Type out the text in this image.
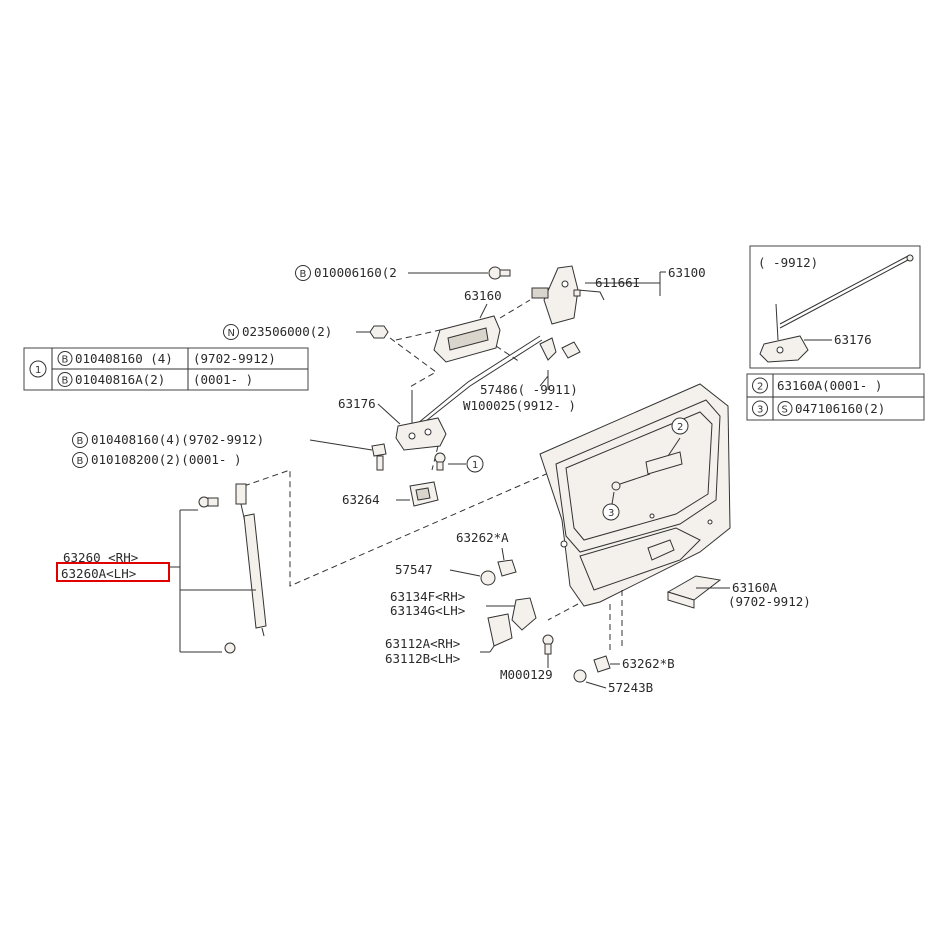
B 010006160(2
61166I
63100
63160
N 023506000(2)
1
B 010408160 (4) (9702-9912)
B 01040816A(2) (0001- )
57486( -9911)
W100025(9912- )
63176
B 010408160(4)(9702-9912)
B 010108200(2)(0001- )	1
63264
63260 <RH>
63260A<LH>
2
3
63262*A
57547
63134F<RH>
63134G<LH>
63112A<RH>
63112B<LH>
M000129
63262*B
57243B
63160A
(9702-9912)
( -9912)
63176
2 63160A(0001- )
3 S 047106160(2)
